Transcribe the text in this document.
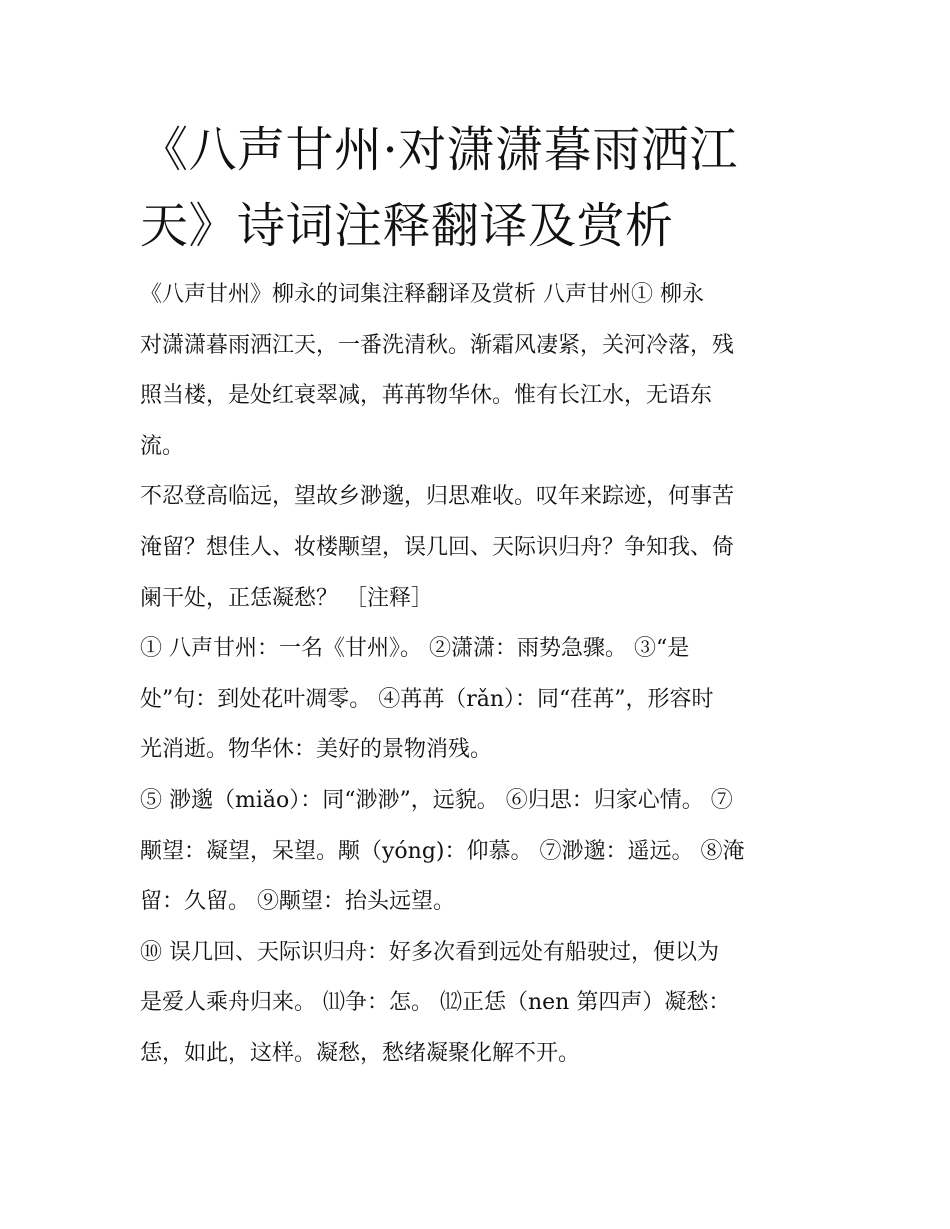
《八声甘州·对潇潇暮雨洒江
天》诗词注释翻译及赏析
《八声甘州》柳永的词集注释翻译及赏析 八声甘州① 柳永
对潇潇暮雨洒江天，一番洗清秋。渐霜风凄紧，关河冷落，残
照当楼，是处红衰翠减，苒苒物华休。惟有长江水，无语东
流。
不忍登高临远，望故乡渺邈，归思难收。叹年来踪迹，何事苦
淹留？想佳人、妆楼颙望，误几回、天际识归舟？争知我、倚
阑干处，正恁凝愁？ ［注释］
① 八声甘州：一名《甘州》。 ②潇潇：雨势急骤。 ③“是
处”句：到处花叶凋零。 ④苒苒（rǎn）：同“荏苒”，形容时
光消逝。物华休：美好的景物消残。
⑤ 渺邈（miǎo）：同“渺渺”，远貌。 ⑥归思：归家心情。 ⑦
颙望：凝望，呆望。颙（yóng)：仰慕。 ⑦渺邈：遥远。 ⑧淹
留：久留。 ⑨颙望：抬头远望。
⑩ 误几回、天际识归舟：好多次看到远处有船驶过，便以为
是爱人乘舟归来。 ⑾争：怎。 ⑿正恁（nen 第四声）凝愁：
恁，如此，这样。凝愁，愁绪凝聚化解不开。
